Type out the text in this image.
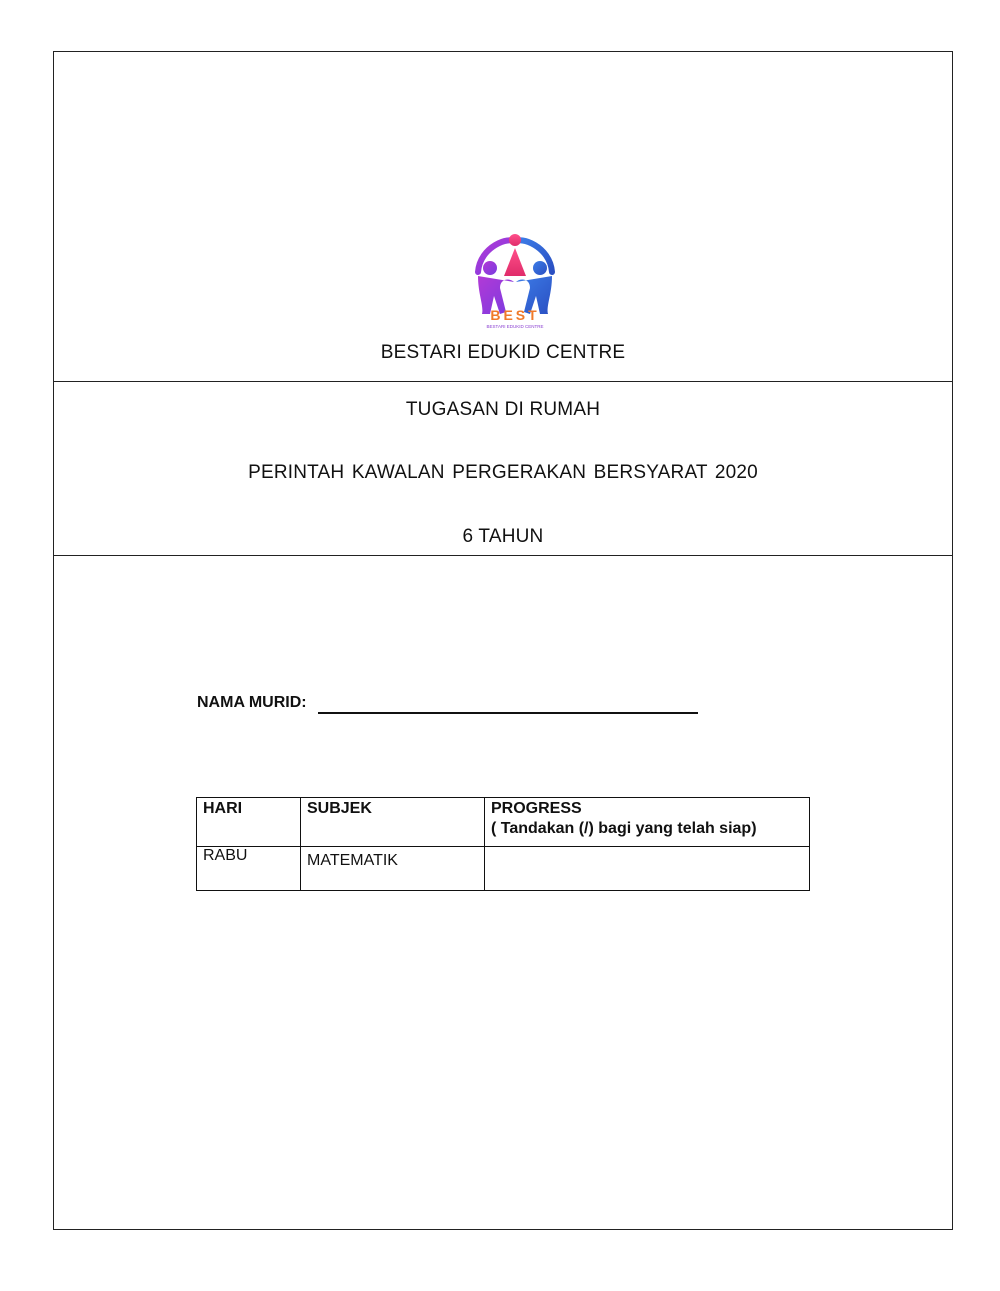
BEST
BESTARI EDUKID CENTRE
BESTARI EDUKID CENTRE
TUGASAN DI RUMAH
PERINTAH KAWALAN PERGERAKAN BERSYARAT 2020
6 TAHUN
NAMA MURID:
HARI	SUBJEK	PROGRESS
( Tandakan (/) bagi yang telah siap)

RABU	MATEMATIK	
